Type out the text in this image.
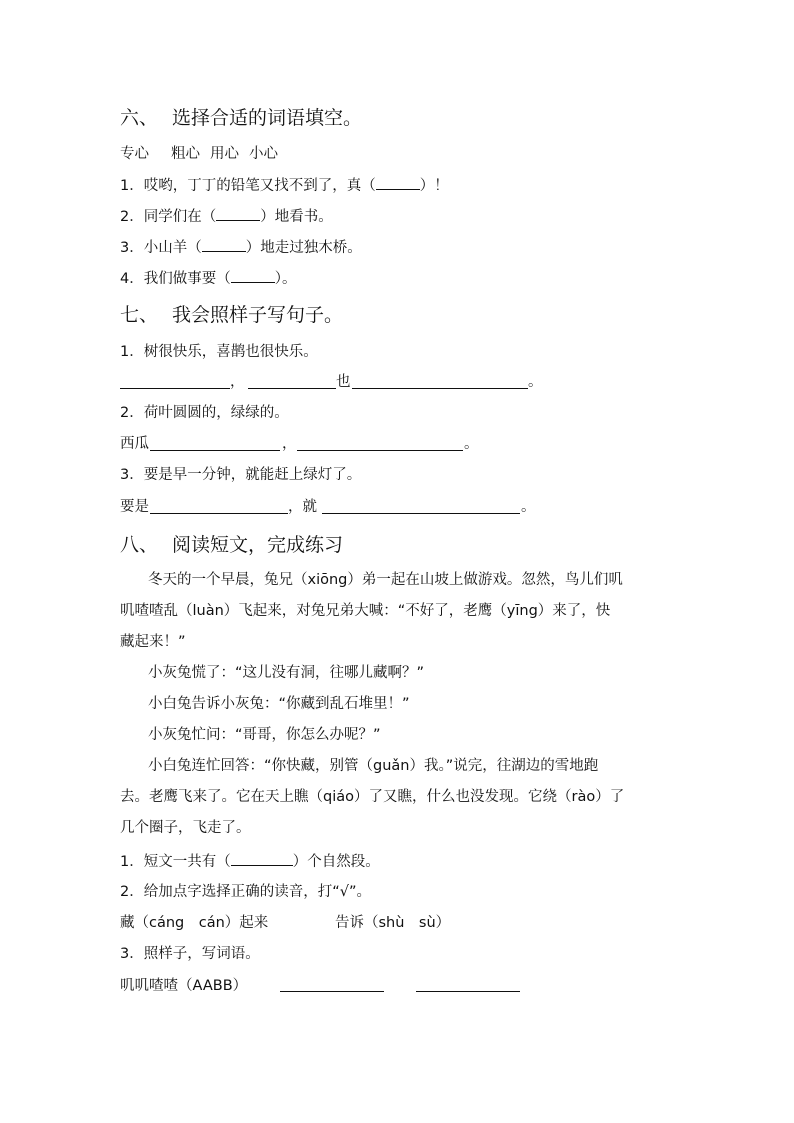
六、 选择合适的词语填空。
专心 粗心 用心 小心
1．哎哟，丁丁的铅笔又找不到了，真（	）！
2．同学们在（	）地看书。
3．小山羊（	）地走过独木桥。
4．我们做事要（	）。
七、 我会照样子写句子。
1．树很快乐，喜鹊也很快乐。
，	也	。
2．荷叶圆圆的，绿绿的。
西瓜	，	。
3．要是早一分钟，就能赶上绿灯了。
要是	，就	。
八、 阅读短文，完成练习
冬天的一个早晨，兔兄（xiōng）弟一起在山坡上做游戏。忽然，鸟儿们叽
叽喳喳乱（luàn）飞起来，对兔兄弟大喊：“不好了，老鹰（yīng）来了，快
藏起来！”
小灰兔慌了：“这儿没有洞，往哪儿藏啊？”
小白兔告诉小灰兔：“你藏到乱石堆里！”
小灰兔忙问：“哥哥，你怎么办呢？”
小白兔连忙回答：“你快藏，别管（guǎn）我。”说完，往湖边的雪地跑
去。老鹰飞来了。它在天上瞧（qiáo）了又瞧，什么也没发现。它绕（rào）了
几个圈子，飞走了。
1．短文一共有（	）个自然段。
2．给加点字选择正确的读音，打“√”。
藏（cáng　cán）起来	告诉（shù　sù）
3．照样子，写词语。
叽叽喳喳（AABB）
